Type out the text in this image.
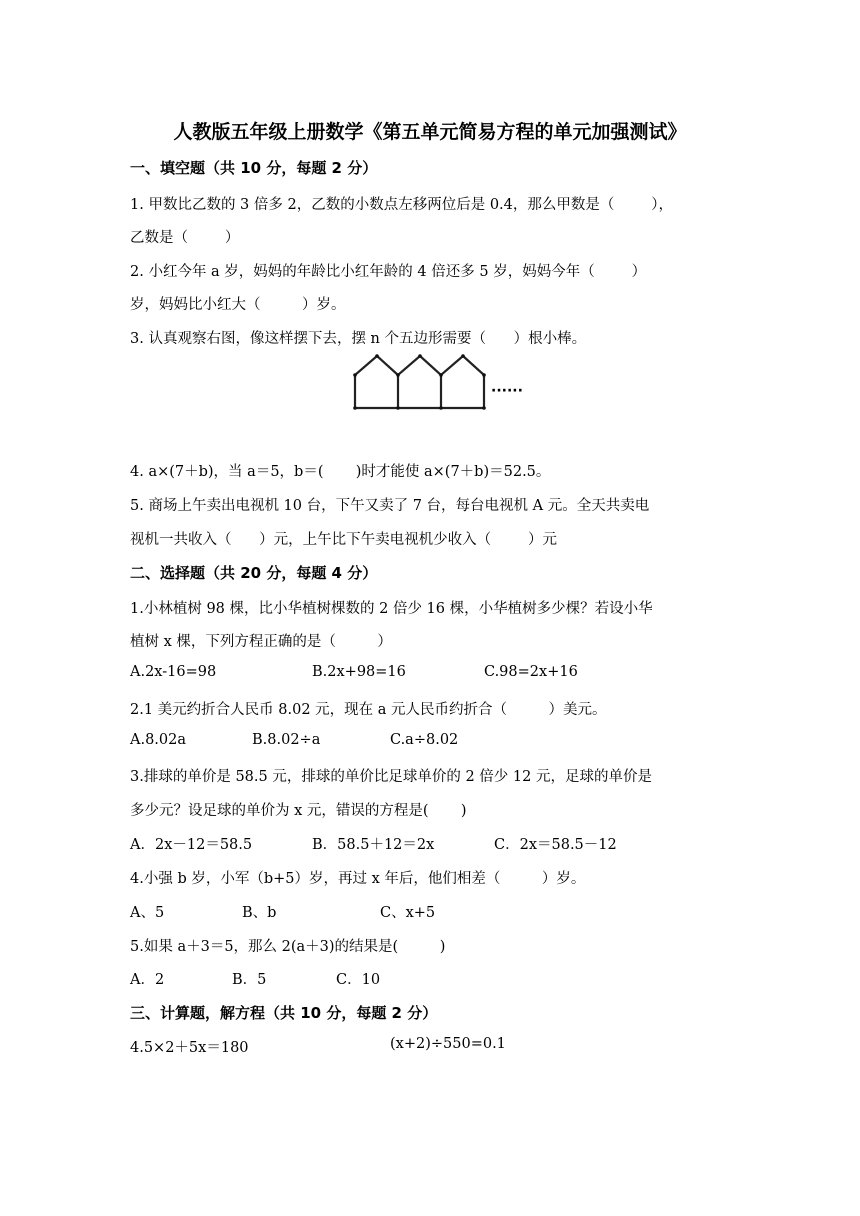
人教版五年级上册数学《第五单元简易方程的单元加强测试》
一、填空题（共 10 分，每题 2 分）
1. 甲数比乙数的 3 倍多 2，乙数的小数点左移两位后是 0.4，那么甲数是（        ），
乙数是（        ）
2. 小红今年 a 岁，妈妈的年龄比小红年龄的 4 倍还多 5 岁，妈妈今年（        ）
岁，妈妈比小红大（         ）岁。
3. 认真观察右图，像这样摆下去，摆 n 个五边形需要（      ）根小棒。
······
4. a×(7＋b)，当 a＝5，b＝(       )时才能使 a×(7＋b)＝52.5。
5. 商场上午卖出电视机 10 台，下午又卖了 7 台，每台电视机 A 元。全天共卖电
视机一共收入（      ）元，上午比下午卖电视机少收入（        ）元
二、选择题（共 20 分，每题 4 分）
1.小林植树 98 棵，比小华植树棵数的 2 倍少 16 棵，小华植树多少棵？若设小华
植树 x 棵，下列方程正确的是（         ）
A.2x-16=98	B.2x+98=16	C.98=2x+16
2.1 美元约折合人民币 8.02 元，现在 a 元人民币约折合（         ）美元。
A.8.02a	B.8.02÷a	C.a÷8.02
3.排球的单价是 58.5 元，排球的单价比足球单价的 2 倍少 12 元，足球的单价是
多少元？设足球的单价为 x 元，错误的方程是(       )
A．2x－12＝58.5	B．58.5＋12＝2x	C．2x＝58.5－12
4.小强 b 岁，小军（b+5）岁，再过 x 年后，他们相差（         ）岁。
A、5	B、b	C、x+5
5.如果 a＋3＝5，那么 2(a＋3)的结果是(         )
A．2	B．5	C．10
三、计算题，解方程（共 10 分，每题 2 分）
4.5×2＋5x＝180	(x+2)÷550=0.1
